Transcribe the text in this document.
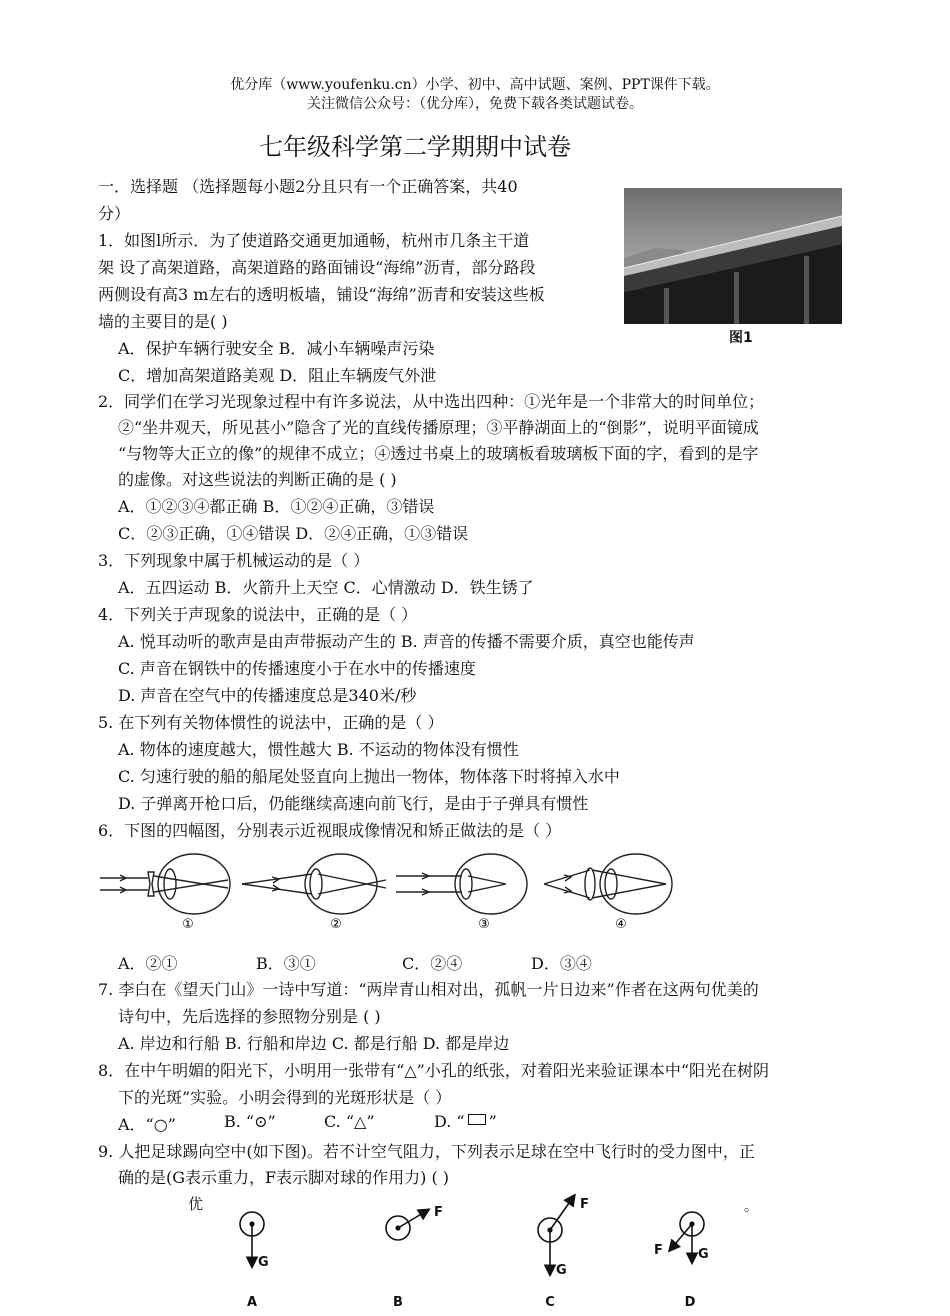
优分库（www.youfenku.cn）小学、初中、高中试题、案例、PPT课件下载。
关注微信公众号：（优分库），免费下载各类试题试卷。
七年级科学第二学期期中试卷
一．选择题 （选择题每小题2分且只有一个正确答案，共40
分）
1．如图l所示．为了使道路交通更加通畅，杭州市几条主干道
架 设了高架道路，高架道路的路面铺设“海绵”沥青，部分路段
两侧设有高3 m左右的透明板墙，铺设“海绵”沥青和安装这些板
墙的主要目的是( )
A．保护车辆行驶安全 B．减小车辆噪声污染
C．增加高架道路美观 D．阻止车辆废气外泄
图1
2．同学们在学习光现象过程中有许多说法，从中选出四种：①光年是一个非常大的时间单位；
②“坐井观天，所见甚小”隐含了光的直线传播原理；③平静湖面上的“倒影”，说明平面镜成
“与物等大正立的像”的规律不成立；④透过书桌上的玻璃板看玻璃板下面的字，看到的是字
的虚像。对这些说法的判断正确的是 ( )
A．①②③④都正确 B．①②④正确，③错误
C．②③正确，①④错误 D．②④正确，①③错误
3．下列现象中属于机械运动的是（ ）
A．五四运动 B．火箭升上天空 C．心情激动 D．铁生锈了
4．下列关于声现象的说法中，正确的是（ ）
A. 悦耳动听的歌声是由声带振动产生的 B. 声音的传播不需要介质，真空也能传声
C. 声音在钢铁中的传播速度小于在水中的传播速度
D. 声音在空气中的传播速度总是340米/秒
5. 在下列有关物体惯性的说法中，正确的是（ ）
A. 物体的速度越大，惯性越大 B. 不运动的物体没有惯性
C. 匀速行驶的船的船尾处竖直向上抛出一物体，物体落下时将掉入水中
D. 子弹离开枪口后，仍能继续高速向前飞行，是由于子弹具有惯性
6．下图的四幅图，分别表示近视眼成像情况和矫正做法的是（ ）
①	②	③	④
A．②①	B．③①	C．②④	D．③④
7. 李白在《望天门山》一诗中写道：“两岸青山相对出，孤帆一片日边来”作者在这两句优美的
诗句中，先后选择的参照物分别是 ( )
A. 岸边和行船 B. 行船和岸边 C. 都是行船 D. 都是岸边
8．在中午明媚的阳光下，小明用一张带有“△”小孔的纸张，对着阳光来验证课本中“阳光在树阴
下的光斑”实验。小明会得到的光斑形状是（ ）
A．“○”	B. “⊙”	C. “△”	D. “ ”
9. 人把足球踢向空中(如下图)。若不计空气阻力，下列表示足球在空中飞行时的受力图中，正
确的是(G表示重力，F表示脚对球的作用力) ( )
优	。
G
F
F
G
F	G
A	B	C	D
